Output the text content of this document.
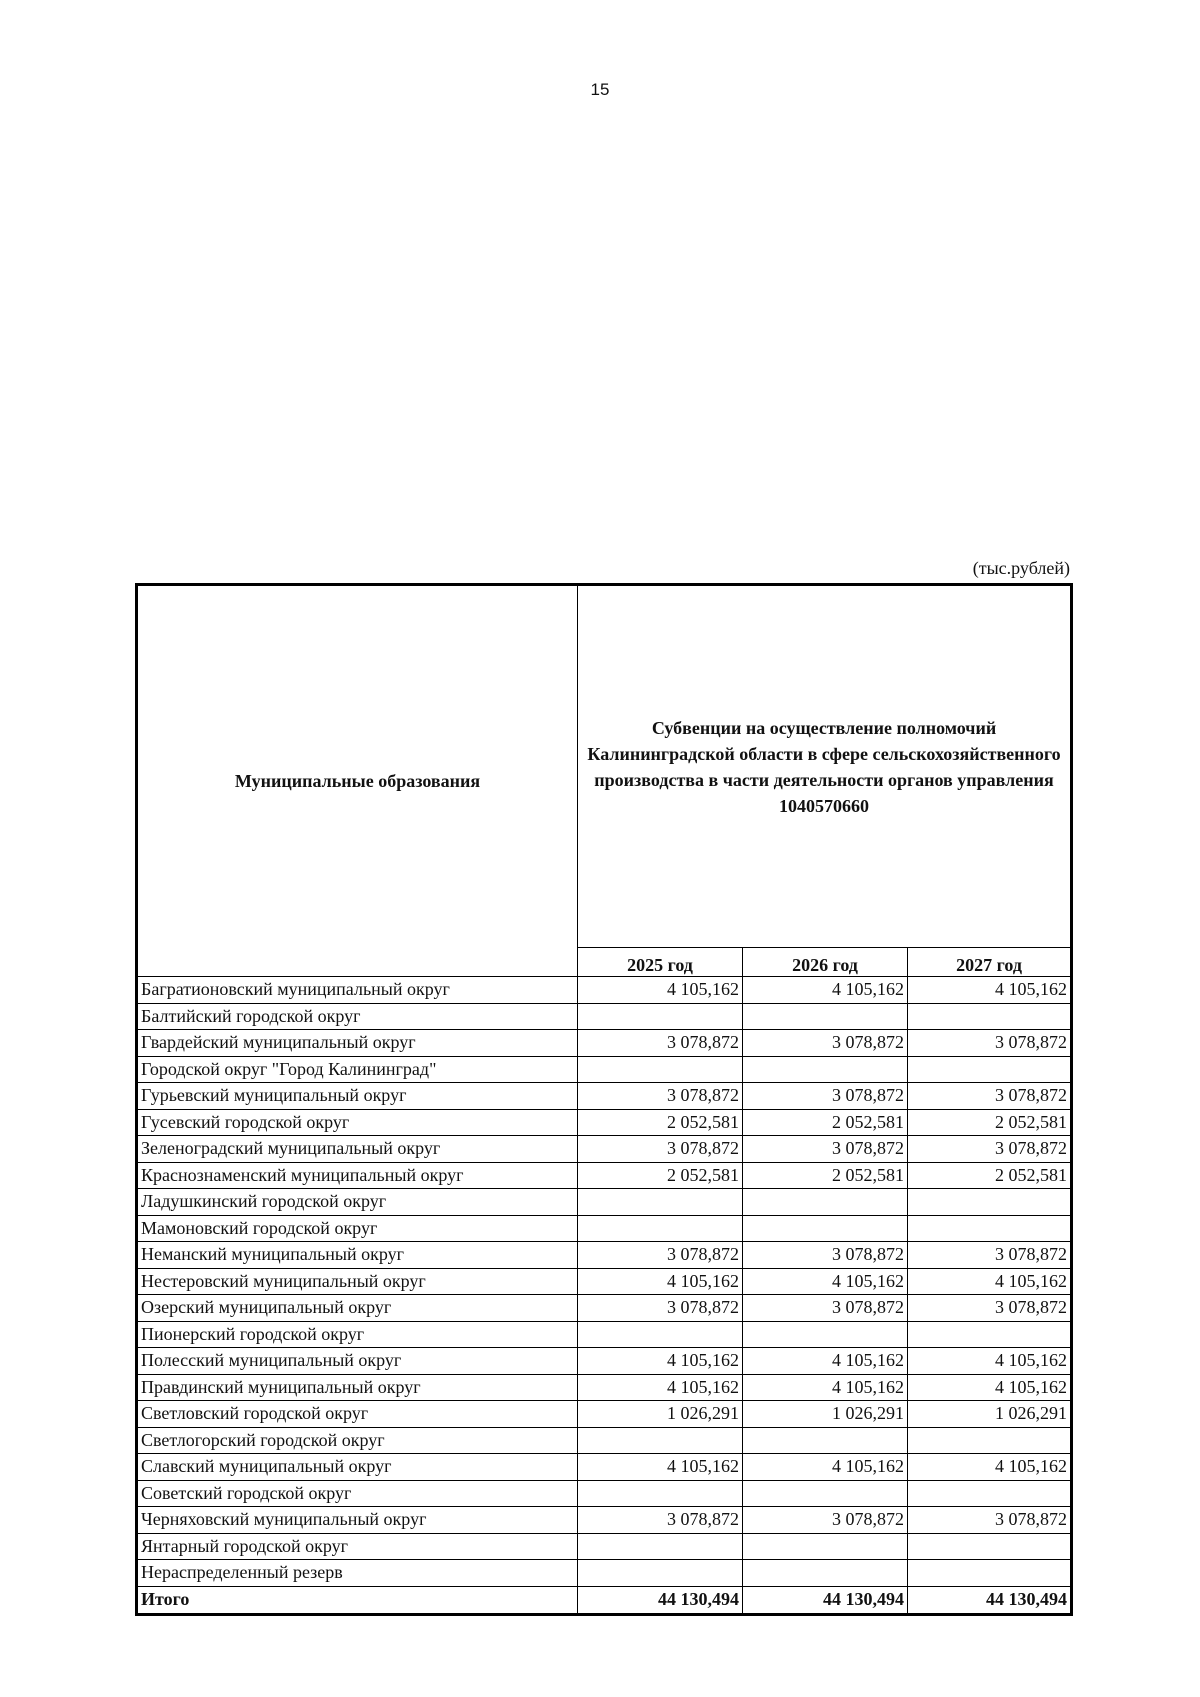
15
(тыс.рублей)
Муниципальные образования	Субвенции на осуществление полномочий Калининградской области в сфере сельскохозяйственного производства в части деятельности органов управления 1040570660		
	2025 год	2026 год	2027 год
Багратионовский муниципальный округ	4 105,162	4 105,162	4 105,162
Балтийский городской округ			
Гвардейский муниципальный округ	3 078,872	3 078,872	3 078,872
Городской округ "Город Калининград"			
Гурьевский муниципальный округ	3 078,872	3 078,872	3 078,872
Гусевский городской округ	2 052,581	2 052,581	2 052,581
Зеленоградский муниципальный округ	3 078,872	3 078,872	3 078,872
Краснознаменский муниципальный округ	2 052,581	2 052,581	2 052,581
Ладушкинский городской округ			
Мамоновский городской округ			
Неманский муниципальный округ	3 078,872	3 078,872	3 078,872
Нестеровский муниципальный округ	4 105,162	4 105,162	4 105,162
Озерский муниципальный округ	3 078,872	3 078,872	3 078,872
Пионерский городской округ			
Полесский муниципальный округ	4 105,162	4 105,162	4 105,162
Правдинский муниципальный округ	4 105,162	4 105,162	4 105,162
Светловский городской округ	1 026,291	1 026,291	1 026,291
Светлогорский городской округ			
Славский муниципальный округ	4 105,162	4 105,162	4 105,162
Советский городской округ			
Черняховский муниципальный округ	3 078,872	3 078,872	3 078,872
Янтарный городской округ			
Нераспределенный резерв			
Итого	44 130,494	44 130,494	44 130,494
